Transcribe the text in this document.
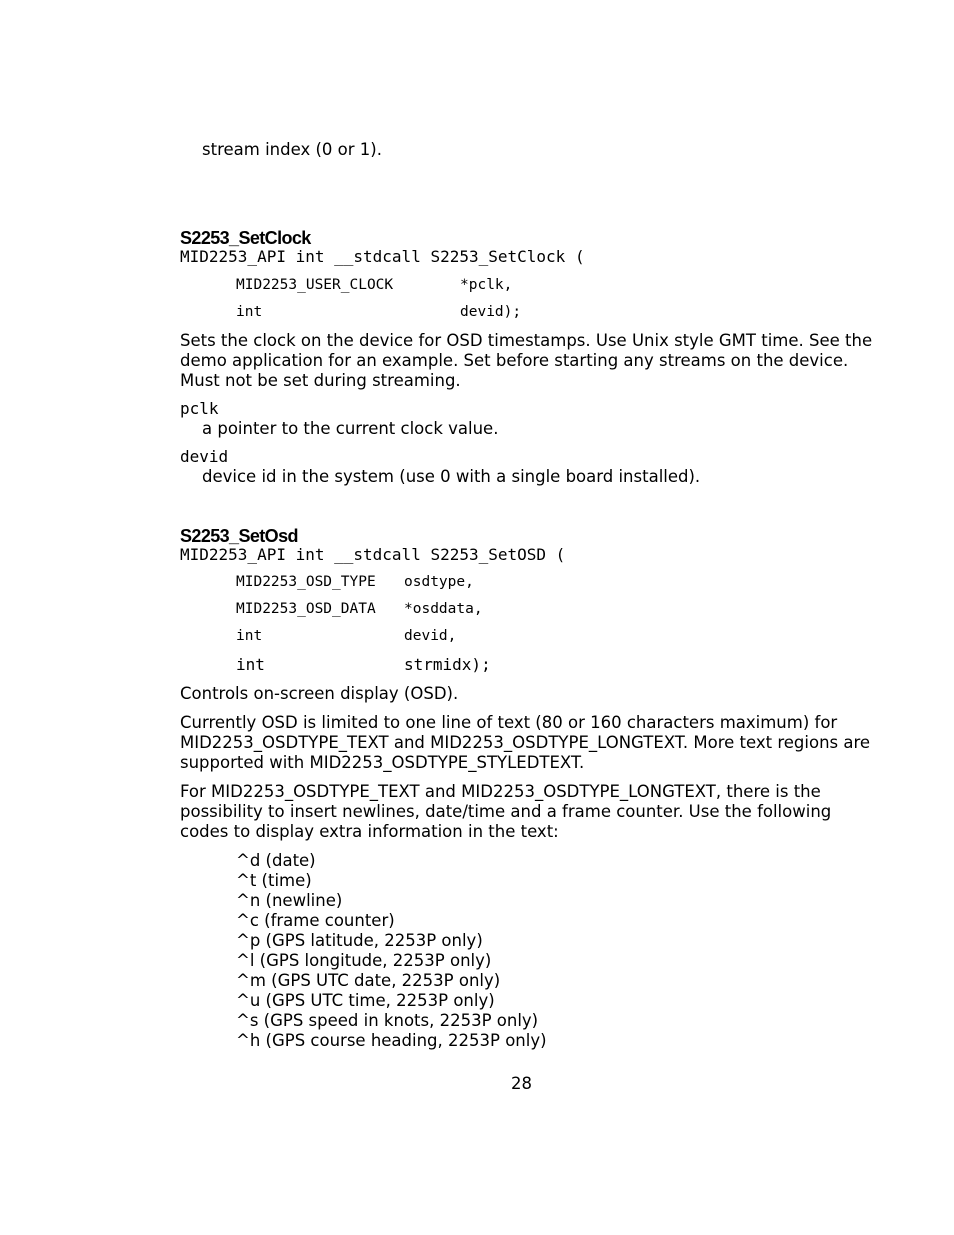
stream index (0 or 1).
S2253_SetClock
MID2253_API int __stdcall S2253_SetClock (
MID2253_USER_CLOCK	*pclk,
int	devid);
Sets the clock on the device for OSD timestamps. Use Unix style GMT time. See the demo application for an example. Set before starting any streams on the device. Must not be set during streaming.
pclk
a pointer to the current clock value.
devid
device id in the system (use 0 with a single board installed).
S2253_SetOsd
MID2253_API int __stdcall S2253_SetOSD (
MID2253_OSD_TYPE osdtype,
MID2253_OSD_DATA *osddata,
int	devid,
int	strmidx);
Controls on-screen display (OSD).
Currently OSD is limited to one line of text (80 or 160 characters maximum) for MID2253_OSDTYPE_TEXT and MID2253_OSDTYPE_LONGTEXT. More text regions are supported with MID2253_OSDTYPE_STYLEDTEXT.
For MID2253_OSDTYPE_TEXT and MID2253_OSDTYPE_LONGTEXT, there is the possibility to insert newlines, date/time and a frame counter. Use the following codes to display extra information in the text:
^d (date)
^t (time)
^n (newline)
^c (frame counter)
^p (GPS latitude, 2253P only)
^l (GPS longitude, 2253P only)
^m (GPS UTC date, 2253P only)
^u (GPS UTC time, 2253P only)
^s (GPS speed in knots, 2253P only)
^h (GPS course heading, 2253P only)
28
